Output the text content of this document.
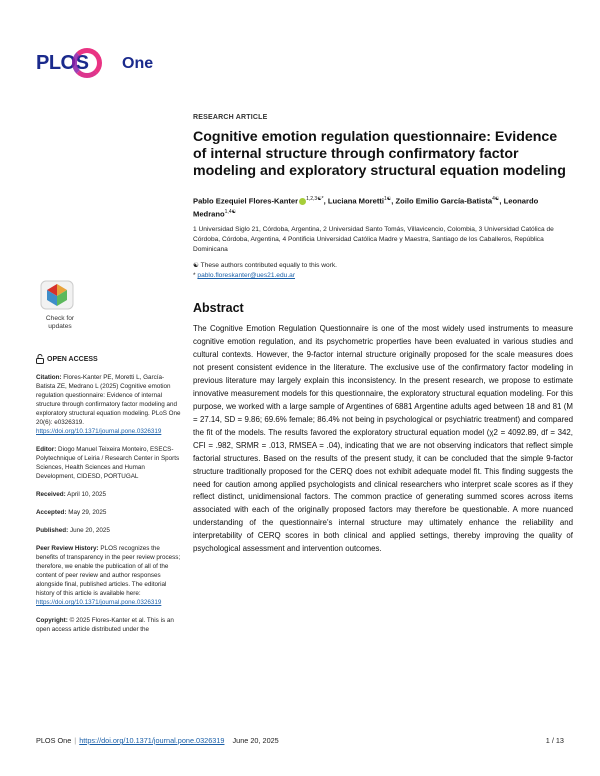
PLOS One
Check for updates
OPEN ACCESS
Citation: Flores-Kanter PE, Moretti L, García-Batista ZE, Medrano L (2025) Cognitive emotion regulation questionnaire: Evidence of internal structure through confirmatory factor modeling and exploratory structural equation modeling. PLoS One 20(6): e0326319. https://doi.org/10.1371/journal.pone.0326319
Editor: Diogo Manuel Teixeira Monteiro, ESECS-Polytechnique of Leiria / Research Center in Sports Sciences, Health Sciences and Human Development, CIDESD, PORTUGAL
Received: April 10, 2025
Accepted: May 29, 2025
Published: June 20, 2025
Peer Review History: PLOS recognizes the benefits of transparency in the peer review process; therefore, we enable the publication of all of the content of peer review and author responses alongside final, published articles. The editorial history of this article is available here: https://doi.org/10.1371/journal.pone.0326319
Copyright: © 2025 Flores-Kanter et al. This is an open access article distributed under the
RESEARCH ARTICLE
Cognitive emotion regulation questionnaire: Evidence of internal structure through confirmatory factor modeling and exploratory structural equation modeling
Pablo Ezequiel Flores-Kanter $^{1,2,3☯*}$, Luciana Moretti$^{1☯}$, Zoilo Emilio García-Batista$^{4☯}$, Leonardo Medrano$^{1,4☯}$
1 Universidad Siglo 21, Córdoba, Argentina, 2 Universidad Santo Tomás, Villavicencio, Colombia, 3 Universidad Católica de Córdoba, Córdoba, Argentina, 4 Pontificia Universidad Católica Madre y Maestra, Santiago de los Caballeros, República Dominicana
☯ These authors contributed equally to this work.
* pablo.floreskanter@ues21.edu.ar
Abstract

The Cognitive Emotion Regulation Questionnaire is one of the most widely used instruments to measure cognitive emotion regulation, and its psychometric properties have been evaluated in various studies and cultural contexts. However, the 9-factor internal structure originally proposed for the scale measures does not present consistent evidence in the literature. The exclusive use of the confirmatory factor modeling in previous literature may largely explain this inconsistency. In the present research, we propose to estimate innovative measurement models for this questionnaire, the exploratory structural equation modeling. For this purpose, we worked with a large sample of Argentines of 6881 Argentine adults aged between 18 and 81 (M = 27.14, SD = 9.86; 69.6% female; 86.4% not being in psychological or psychiatric treatment) and compared the fit of the models. The results favored the exploratory structural equation model (χ2 = 4092.89, df = 342, CFI = .982, SRMR = .013, RMSEA = .04), indicating that we are not observing indicators that reflect simple factorial structures. Based on the results of the present study, it can be concluded that the simple 9-factor structure traditionally proposed for the CERQ does not exhibit adequate model fit. This finding suggests the need for caution among applied psychologists and clinical researchers who interpret scale scores as if they reflect distinct, unidimensional factors. The common practice of generating summed scores across items associated with each of the originally proposed factors may therefore be questionable. A more nuanced understanding of the questionnaire's internal structure may ultimately enhance the reliability and interpretability of CERQ scores in both clinical and applied settings, thereby improving the quality of psychological assessment and intervention outcomes.

PLOS One | https://doi.org/10.1371/journal.pone.0326319
June 20, 2025	1 / 13
